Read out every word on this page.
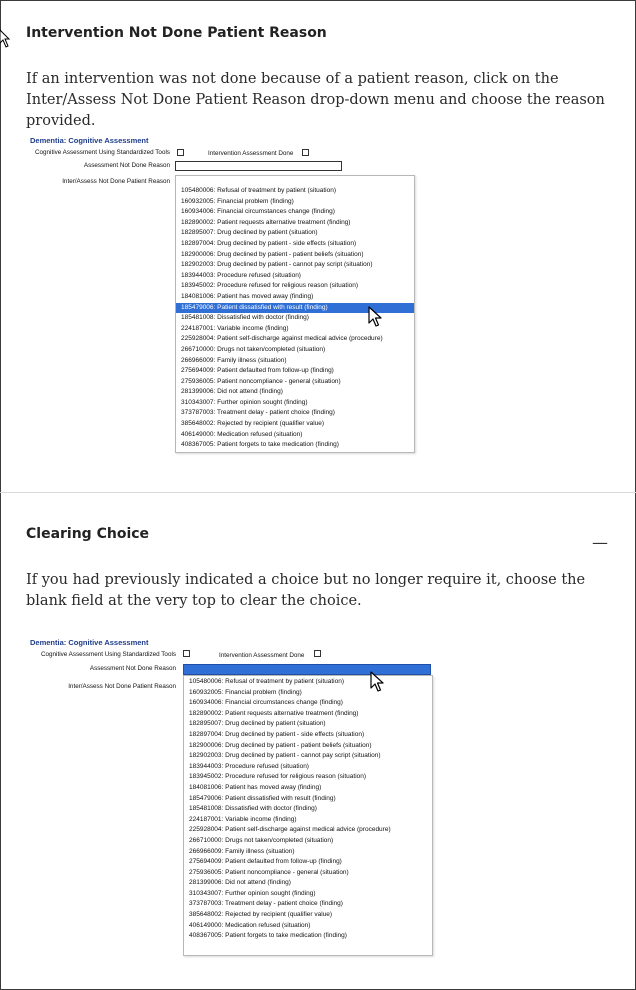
Intervention Not Done Patient Reason

If an intervention was not done because of a patient reason, click on the Inter/Assess Not Done Patient Reason drop-down menu and choose the reason provided.

Dementia: Cognitive Assessment
Cognitive Assessment Using Standardized Tools	Intervention Assessment Done
Assessment Not Done Reason
Inter/Assess Not Done Patient Reason
105480006: Refusal of treatment by patient (situation)
160932005: Financial problem (finding)
160934006: Financial circumstances change (finding)
182890002: Patient requests alternative treatment (finding)
182895007: Drug declined by patient (situation)
182897004: Drug declined by patient - side effects (situation)
182900006: Drug declined by patient - patient beliefs (situation)
182902003: Drug declined by patient - cannot pay script (situation)
183944003: Procedure refused (situation)
183945002: Procedure refused for religious reason (situation)
184081006: Patient has moved away (finding)
185479006: Patient dissatisfied with result (finding)
185481008: Dissatisfied with doctor (finding)
224187001: Variable income (finding)
225928004: Patient self-discharge against medical advice (procedure)
266710000: Drugs not taken/completed (situation)
266966009: Family illness (situation)
275694009: Patient defaulted from follow-up (finding)
275936005: Patient noncompliance - general (situation)
281399006: Did not attend (finding)
310343007: Further opinion sought (finding)
373787003: Treatment delay - patient choice (finding)
385648002: Rejected by recipient (qualifier value)
406149000: Medication refused (situation)
408367005: Patient forgets to take medication (finding)
Clearing Choice	—

If you had previously indicated a choice but no longer require it, choose the blank field at the very top to clear the choice.

Dementia: Cognitive Assessment
Cognitive Assessment Using Standardized Tools	Intervention Assessment Done
Assessment Not Done Reason
Inter/Assess Not Done Patient Reason
105480006: Refusal of treatment by patient (situation)
160932005: Financial problem (finding)
160934006: Financial circumstances change (finding)
182890002: Patient requests alternative treatment (finding)
182895007: Drug declined by patient (situation)
182897004: Drug declined by patient - side effects (situation)
182900006: Drug declined by patient - patient beliefs (situation)
182902003: Drug declined by patient - cannot pay script (situation)
183944003: Procedure refused (situation)
183945002: Procedure refused for religious reason (situation)
184081006: Patient has moved away (finding)
185479006: Patient dissatisfied with result (finding)
185481008: Dissatisfied with doctor (finding)
224187001: Variable income (finding)
225928004: Patient self-discharge against medical advice (procedure)
266710000: Drugs not taken/completed (situation)
266966009: Family illness (situation)
275694009: Patient defaulted from follow-up (finding)
275936005: Patient noncompliance - general (situation)
281399006: Did not attend (finding)
310343007: Further opinion sought (finding)
373787003: Treatment delay - patient choice (finding)
385648002: Rejected by recipient (qualifier value)
406149000: Medication refused (situation)
408367005: Patient forgets to take medication (finding)
